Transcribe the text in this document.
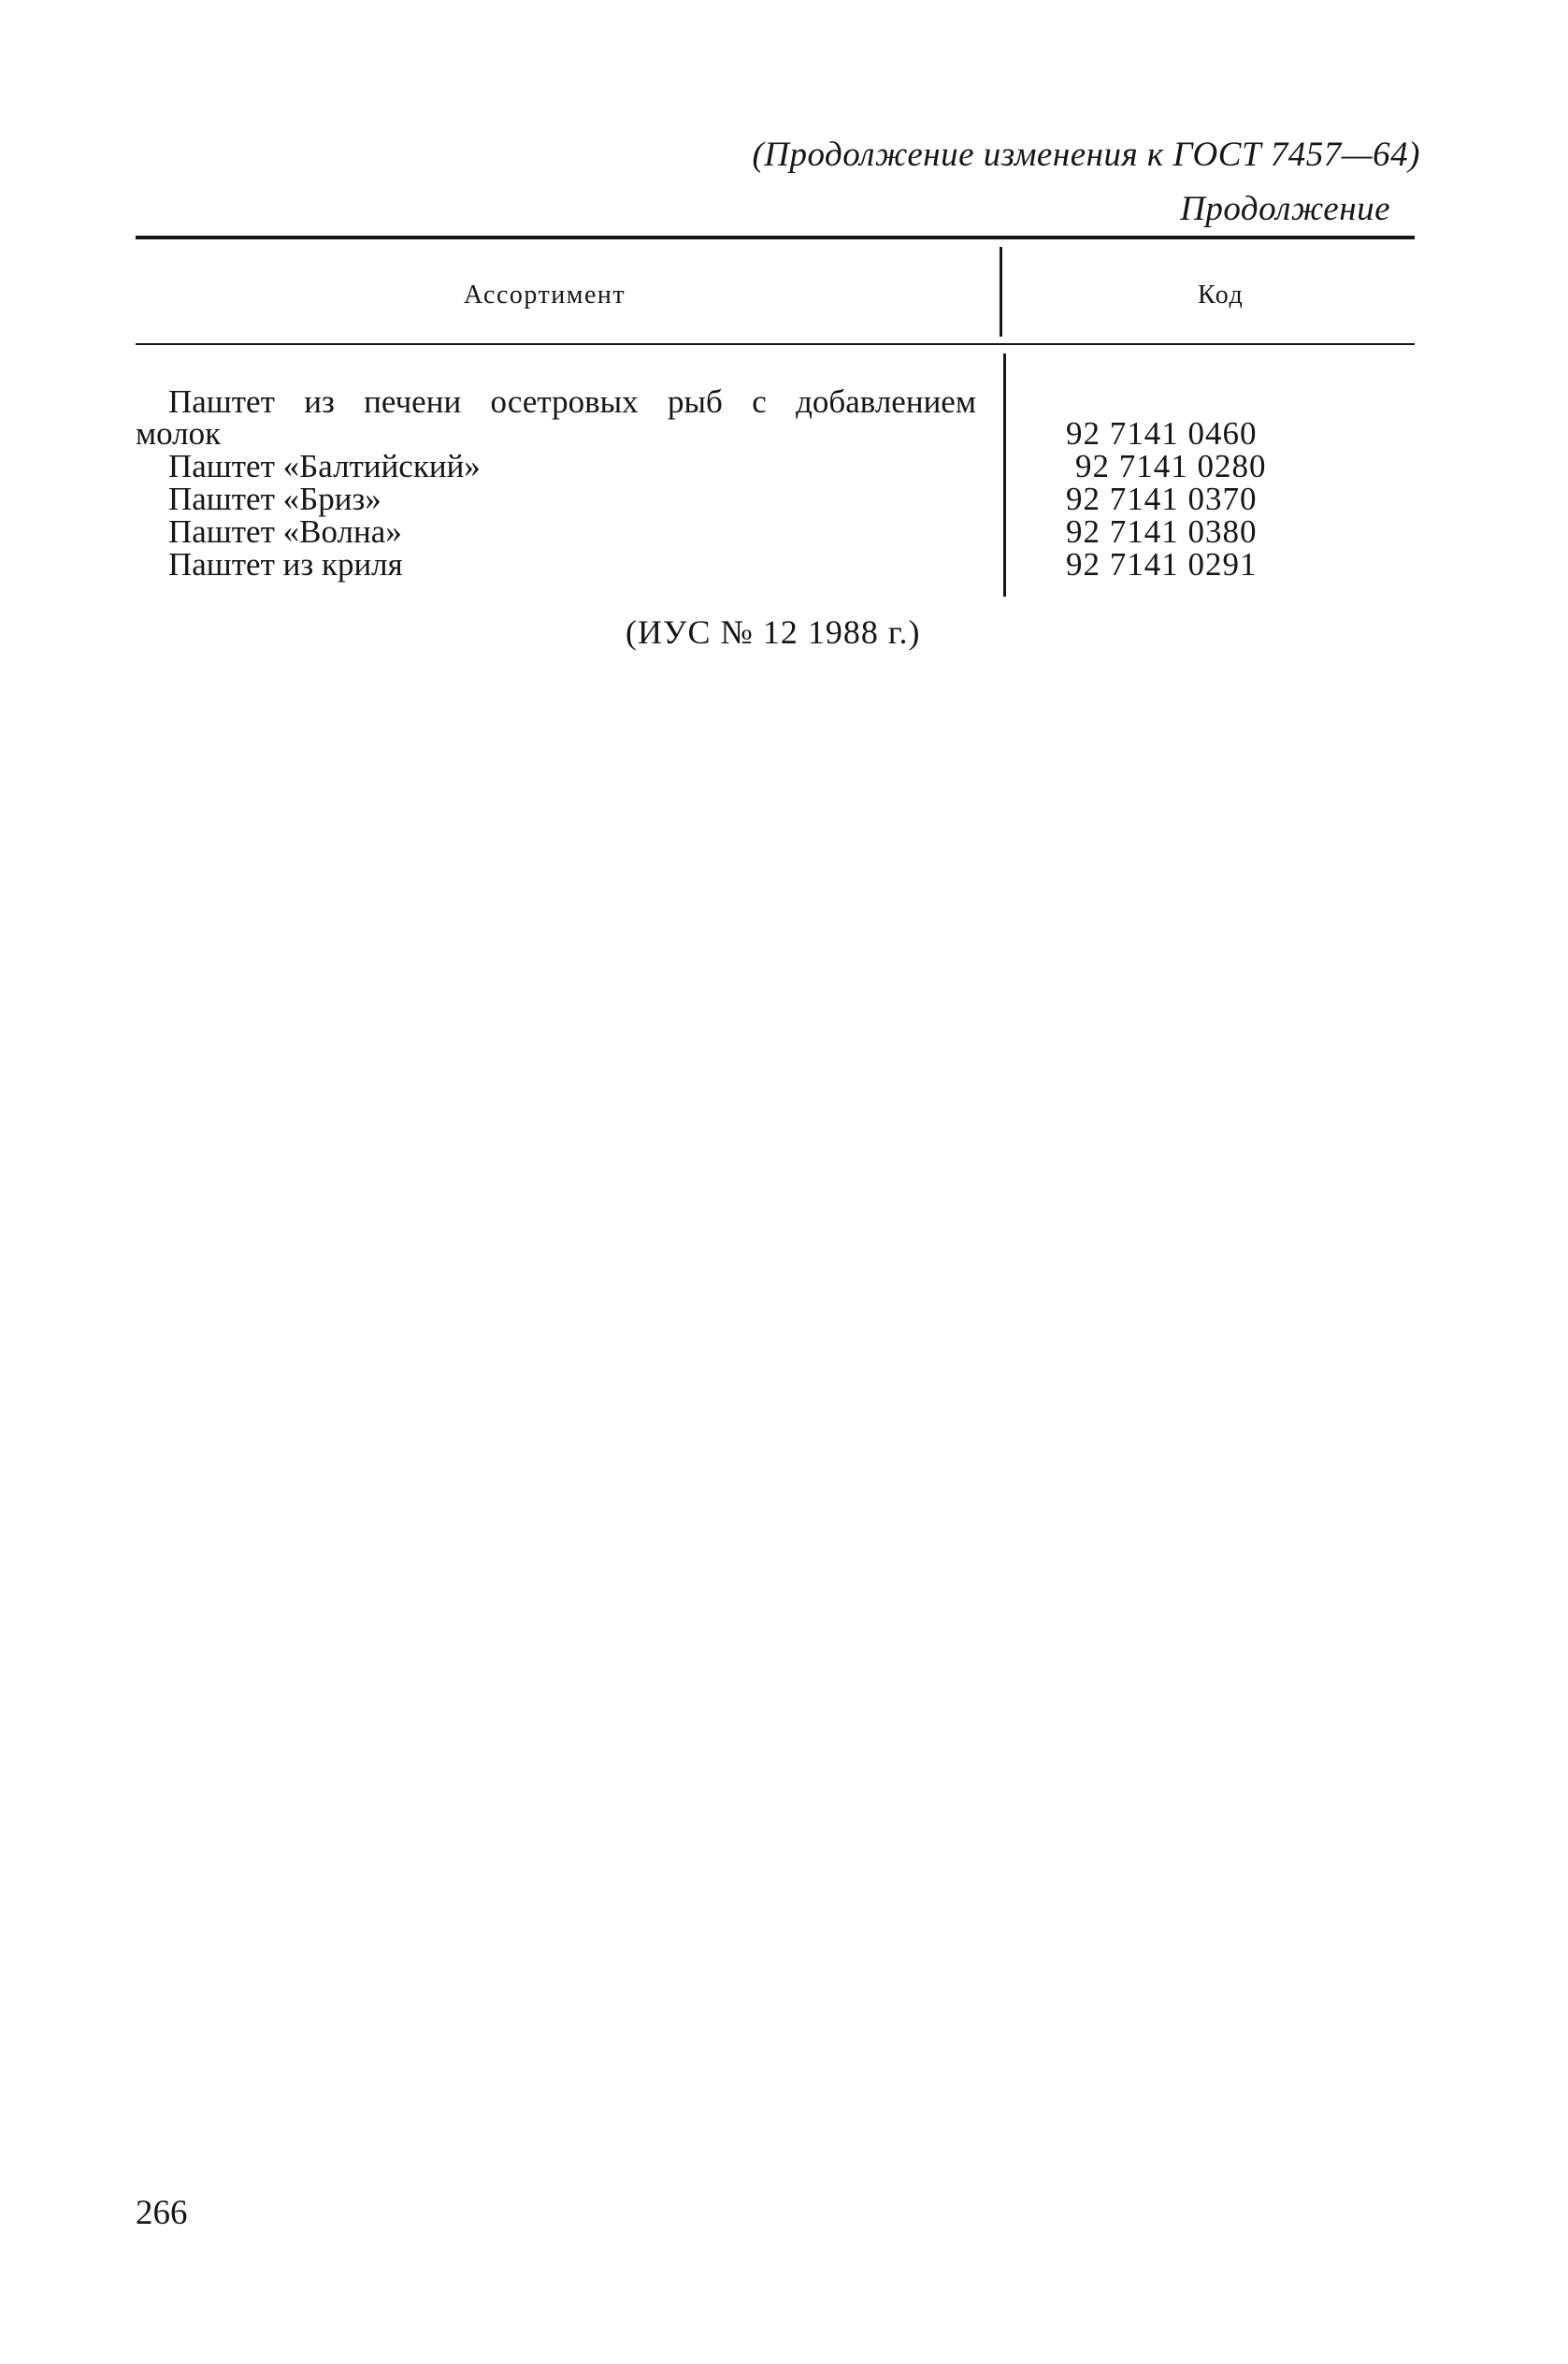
(Продолжение изменения к ГОСТ 7457—64)
Продолжение
Ассортимент	Код
Паштет из печени осетровых рыб с добавлением
молок	92 7141 0460
Паштет «Балтийский»	92 7141 0280
Паштет «Бриз»	92 7141 0370
Паштет «Волна»	92 7141 0380
Паштет из криля	92 7141 0291
(ИУС № 12 1988 г.)
266
